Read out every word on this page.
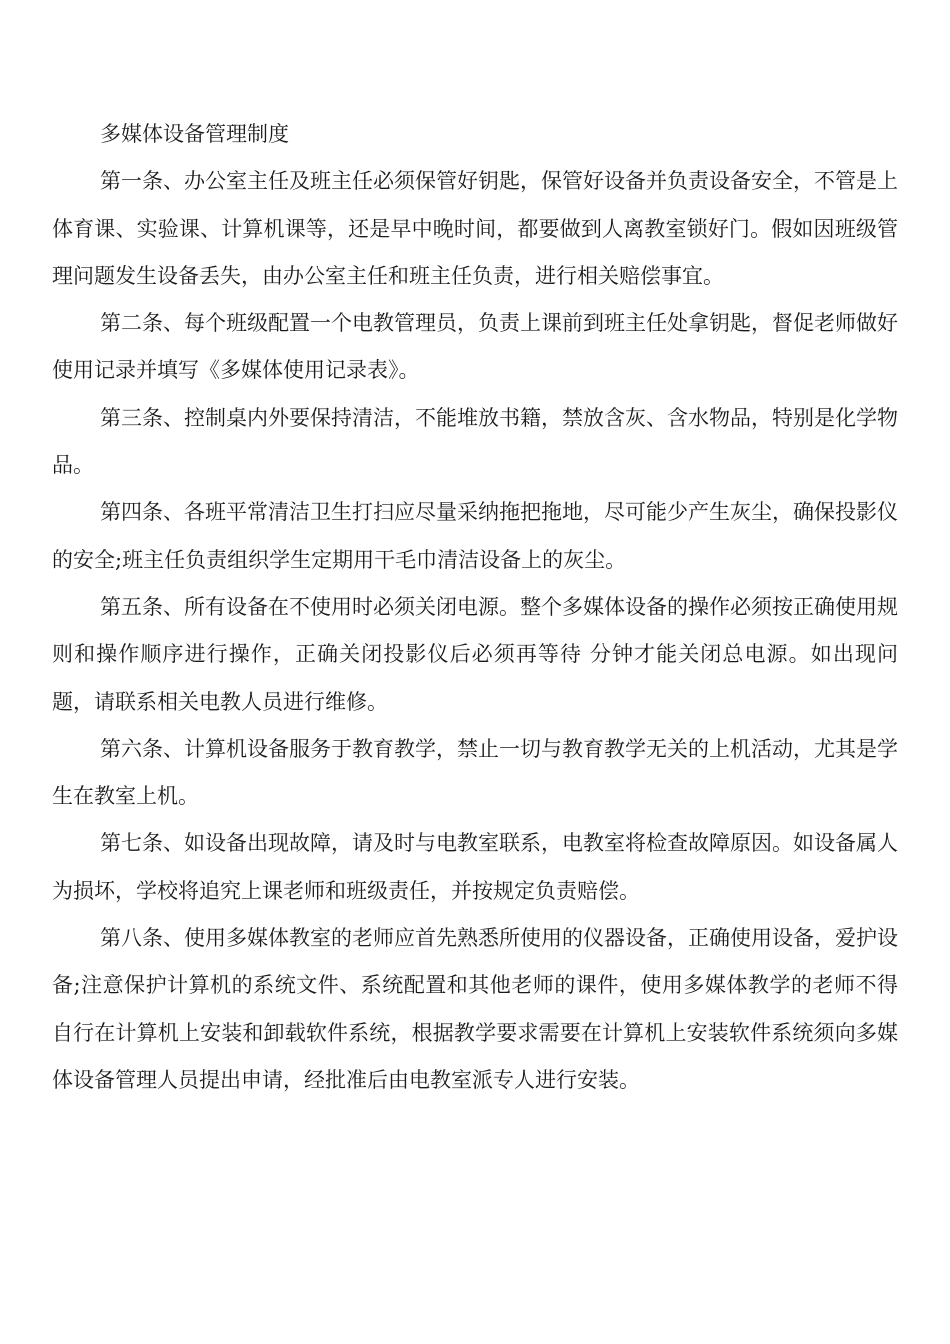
多媒体设备管理制度

第一条、办公室主任及班主任必须保管好钥匙，保管好设备并负责设备安全，不管是上体育课、实验课、计算机课等，还是早中晚时间，都要做到人离教室锁好门。假如因班级管理问题发生设备丢失，由办公室主任和班主任负责，进行相关赔偿事宜。

第二条、每个班级配置一个电教管理员，负责上课前到班主任处拿钥匙，督促老师做好使用记录并填写《多媒体使用记录表》。

第三条、控制桌内外要保持清洁，不能堆放书籍，禁放含灰、含水物品，特别是化学物品。

第四条、各班平常清洁卫生打扫应尽量采纳拖把拖地，尽可能少产生灰尘，确保投影仪的安全;班主任负责组织学生定期用干毛巾清洁设备上的灰尘。

第五条、所有设备在不使用时必须关闭电源。整个多媒体设备的操作必须按正确使用规则和操作顺序进行操作，正确关闭投影仪后必须再等待 分钟才能关闭总电源。如出现问题，请联系相关电教人员进行维修。

第六条、计算机设备服务于教育教学，禁止一切与教育教学无关的上机活动，尤其是学生在教室上机。

第七条、如设备出现故障，请及时与电教室联系，电教室将检查故障原因。如设备属人为损坏，学校将追究上课老师和班级责任，并按规定负责赔偿。

第八条、使用多媒体教室的老师应首先熟悉所使用的仪器设备，正确使用设备，爱护设备;注意保护计算机的系统文件、系统配置和其他老师的课件，使用多媒体教学的老师不得自行在计算机上安装和卸载软件系统，根据教学要求需要在计算机上安装软件系统须向多媒体设备管理人员提出申请，经批准后由电教室派专人进行安装。
